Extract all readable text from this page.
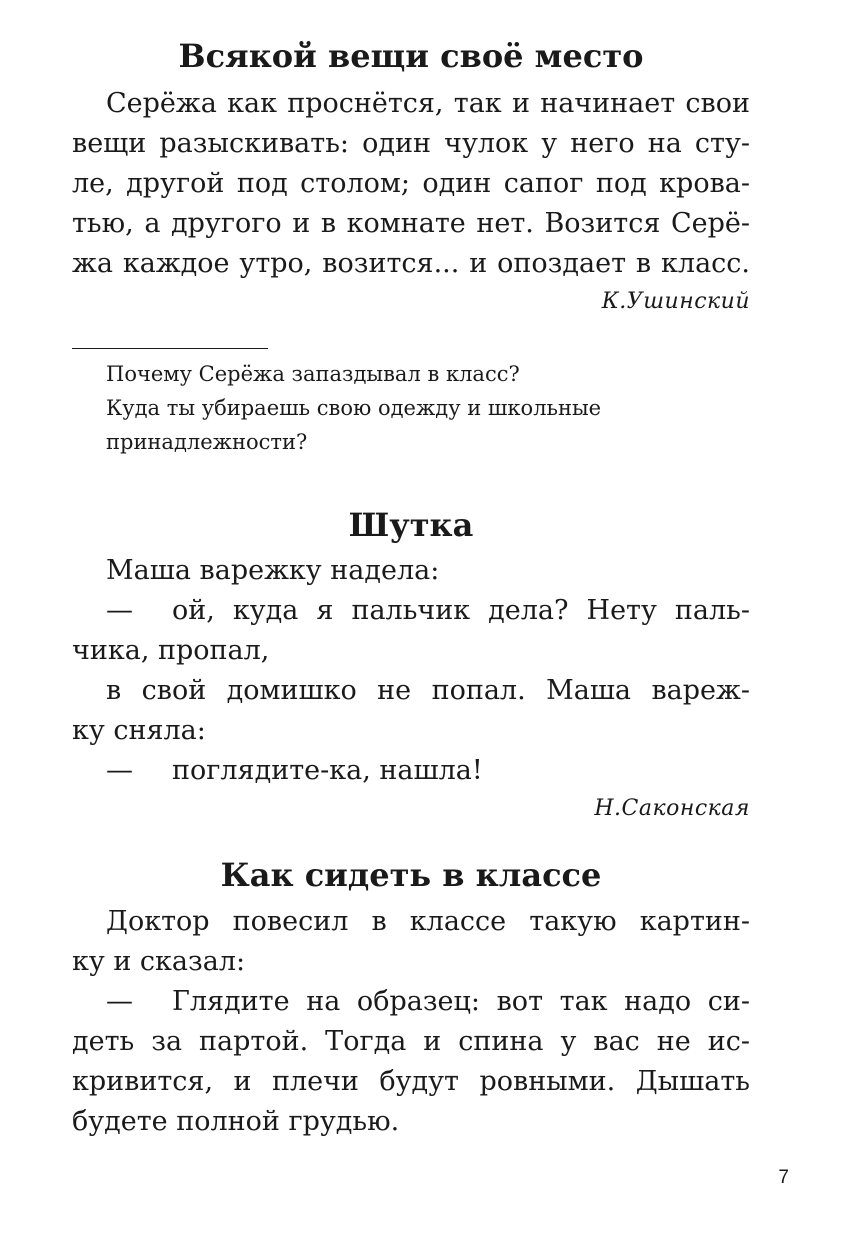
Всякой вещи своё место

Серёжа как проснётся, так и начинает свои

вещи разыскивать: один чулок у него на сту-

ле, другой под столом; один сапог под крова-

тью, а другого и в комнате нет. Возится Серё-

жа каждое утро, возится... и опоздает в класс.

К.Ушинский

Почему Серёжа запаздывал в класс?

Куда ты убираешь свою одежду и школьные

принадлежности?

Шутка

Маша варежку надела:

—	ой, куда я пальчик дела? Нету паль-

чика, пропал,

в свой домишко не попал. Маша вареж-

ку сняла:

—	поглядите-ка, нашла!
Н.Саконская
Как сидеть в классе

Доктор повесил в классе такую картин-

ку и сказал:

—	Глядите на образец: вот так надо си-

деть за партой. Тогда и спина у вас не ис-

кривится, и плечи будут ровными. Дышать

будете полной грудью.

7
